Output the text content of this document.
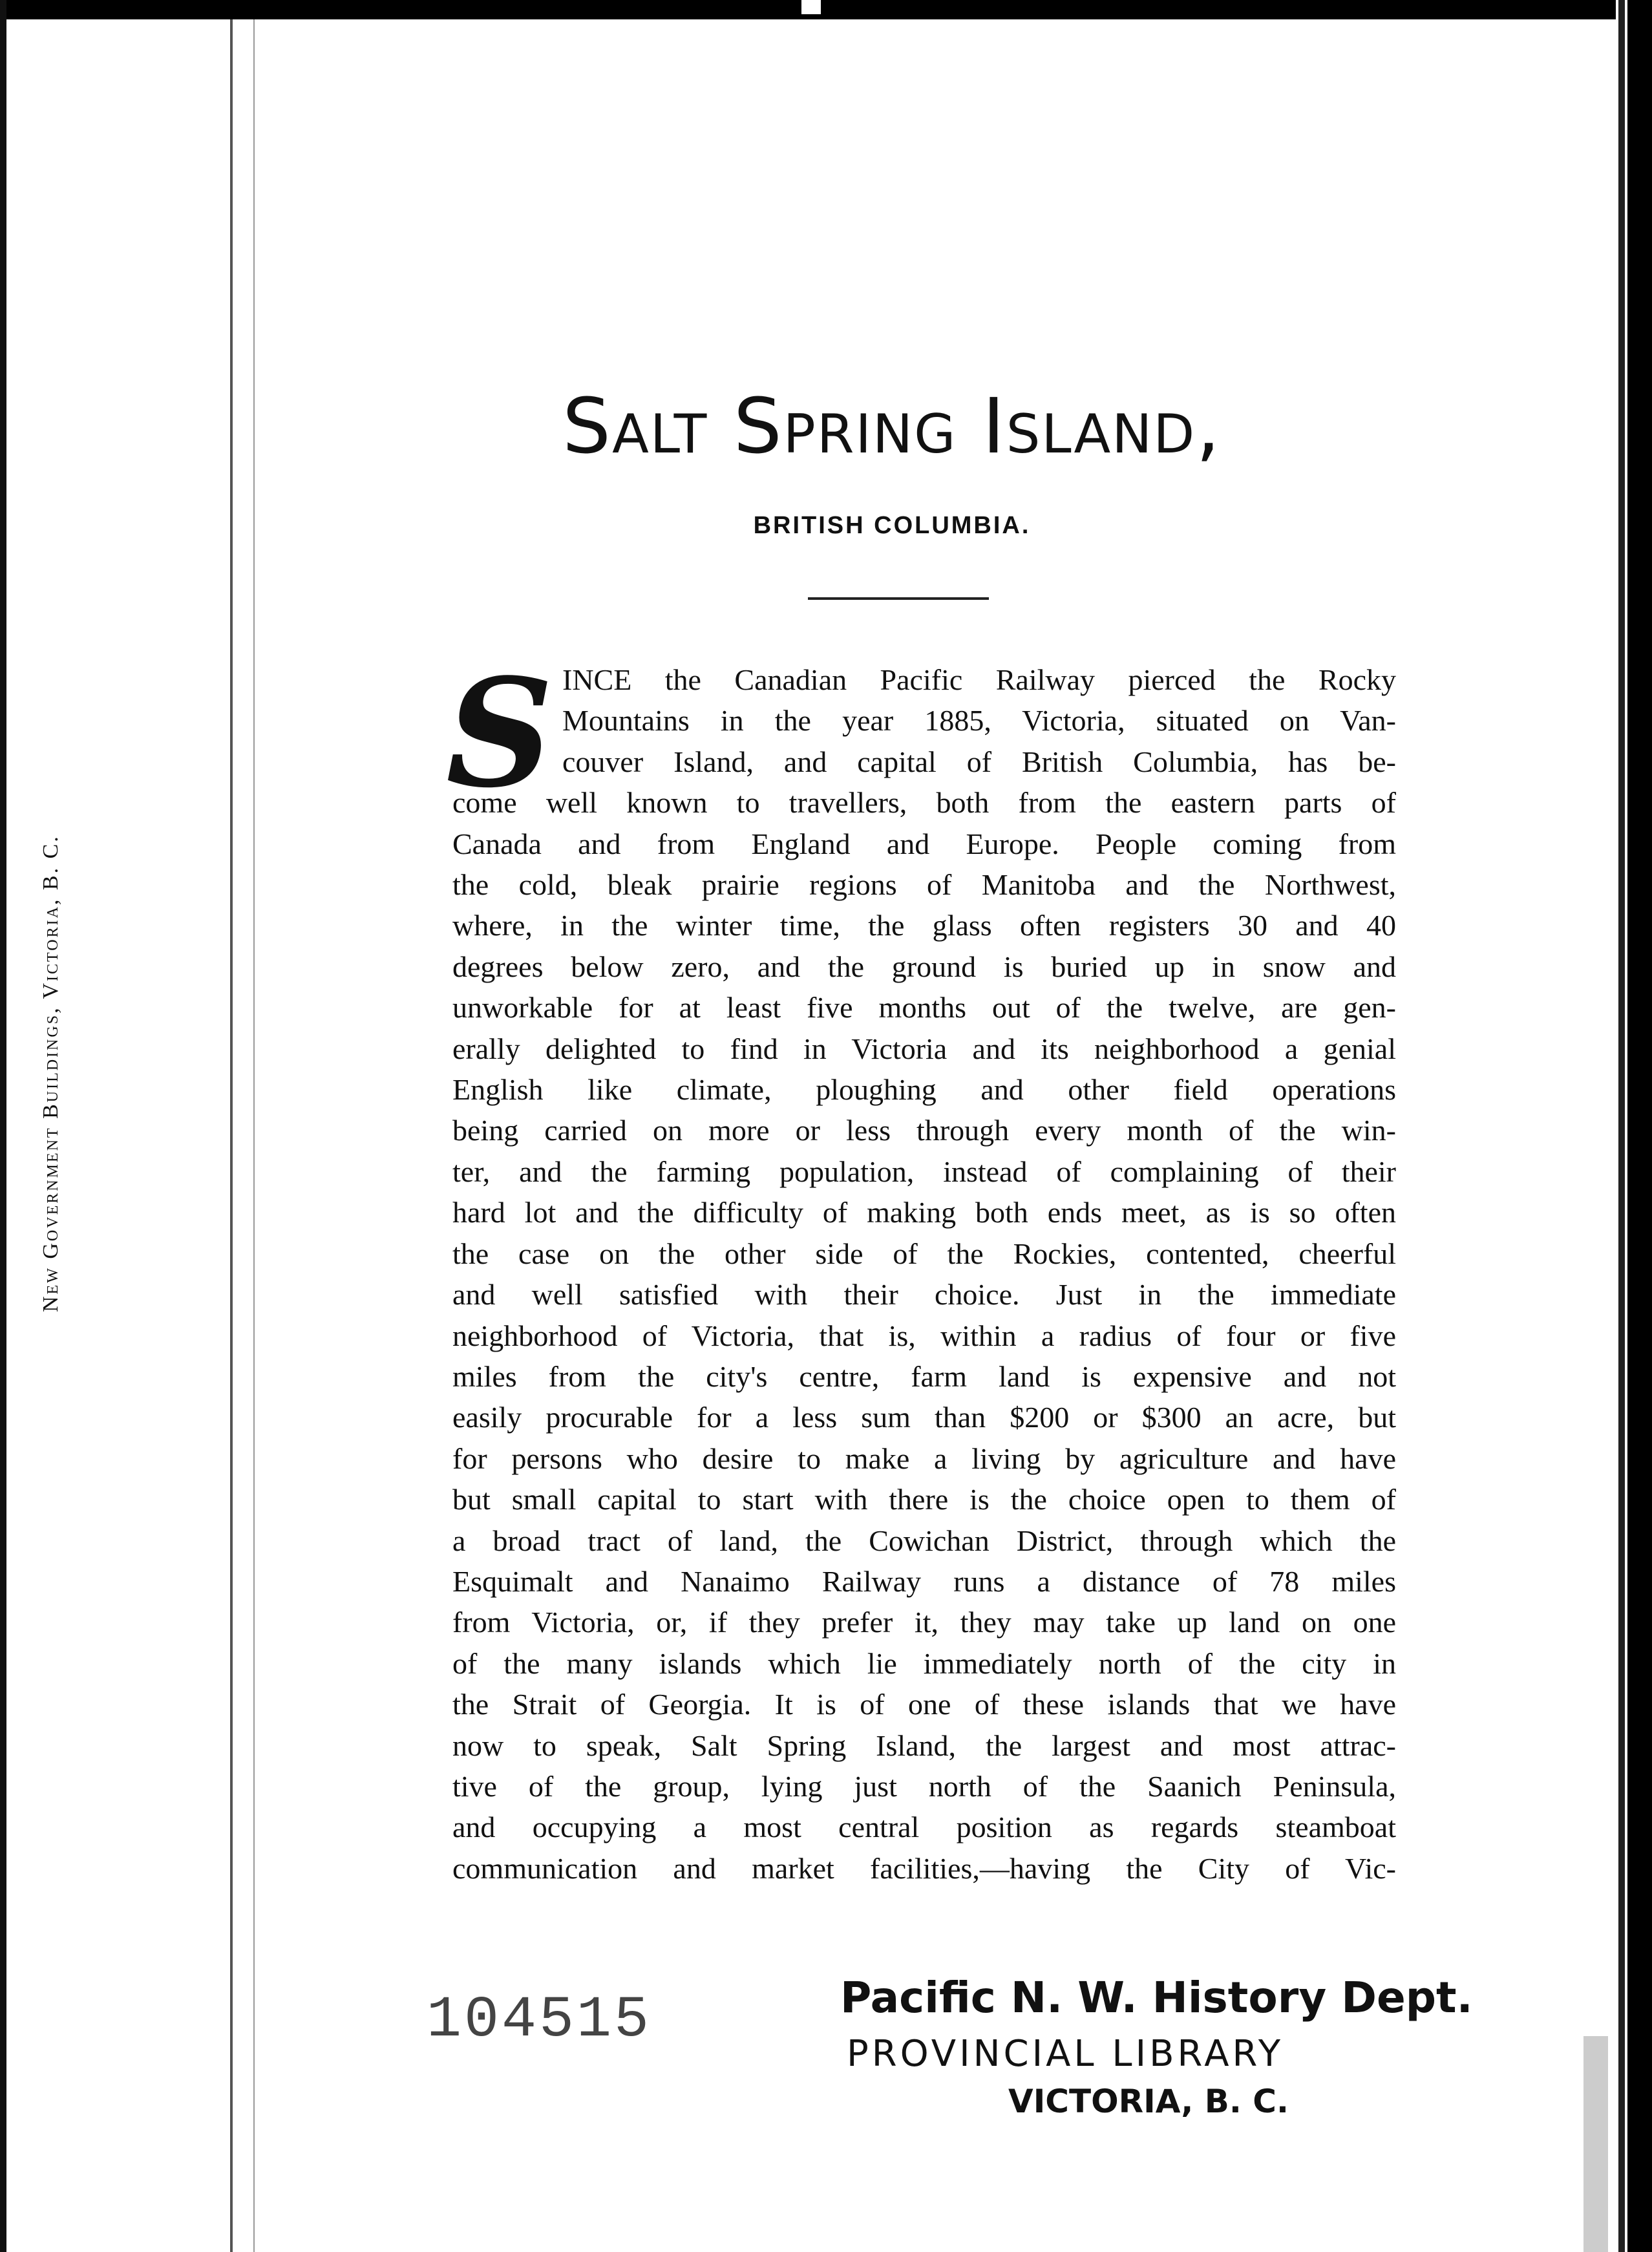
New Government Buildings, Victoria, B. C.
Salt Spring Island,
BRITISH COLUMBIA.
S INCE the Canadian Pacific Railway pierced the Rocky
Mountains in the year 1885, Victoria, situated on Van-
couver Island, and capital of British Columbia, has be-
come well known to travellers, both from the eastern parts of
Canada and from England and Europe. People coming from
the cold, bleak prairie regions of Manitoba and the Northwest,
where, in the winter time, the glass often registers 30 and 40
degrees below zero, and the ground is buried up in snow and
unworkable for at least five months out of the twelve, are gen-
erally delighted to find in Victoria and its neighborhood a genial
English like climate, ploughing and other field operations
being carried on more or less through every month of the win-
ter, and the farming population, instead of complaining of their
hard lot and the difficulty of making both ends meet, as is so often
the case on the other side of the Rockies, contented, cheerful
and well satisfied with their choice. Just in the immediate
neighborhood of Victoria, that is, within a radius of four or five
miles from the city's centre, farm land is expensive and not
easily procurable for a less sum than $200 or $300 an acre, but
for persons who desire to make a living by agriculture and have
but small capital to start with there is the choice open to them of
a broad tract of land, the Cowichan District, through which the
Esquimalt and Nanaimo Railway runs a distance of 78 miles
from Victoria, or, if they prefer it, they may take up land on one
of the many islands which lie immediately north of the city in
the Strait of Georgia. It is of one of these islands that we have
now to speak, Salt Spring Island, the largest and most attrac-
tive of the group, lying just north of the Saanich Peninsula,
and occupying a most central position as regards steamboat
communication and market facilities,—having the City of Vic-
104515	Pacific N. W. History Dept.
PROVINCIAL LIBRARY
VICTORIA, B. C.
